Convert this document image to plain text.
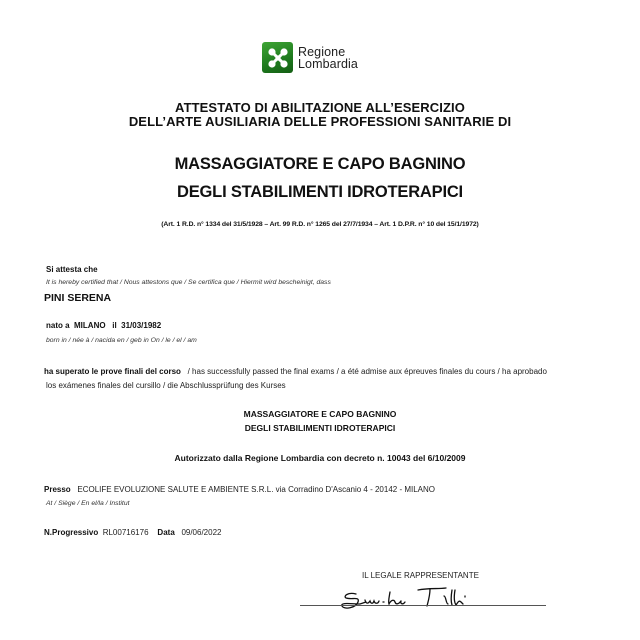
Regione
Lombardia
ATTESTATO DI ABILITAZIONE ALL’ESERCIZIO
DELL’ARTE AUSILIARIA DELLE PROFESSIONI SANITARIE DI
MASSAGGIATORE E CAPO BAGNINO
DEGLI STABILIMENTI IDROTERAPICI
(Art. 1 R.D. n° 1334 del 31/5/1928 – Art. 99 R.D. n° 1265 del 27/7/1934 – Art. 1 D.P.R. n° 10 del 15/1/1972)
Si attesta che
It is hereby certified that / Nous attestons que / Se certifica que / Hiermit wird bescheinigt, dass
PINI SERENA
nato a MILANO il 31/03/1982
born in / née à / nacida en / geb in On / le / el / am
ha superato le prove finali del corso / has successfully passed the final exams / a été admise aux épreuves finales du cours / ha aprobado
los exámenes finales del cursillo / die Abschlussprüfung des Kurses
MASSAGGIATORE E CAPO BAGNINO
DEGLI STABILIMENTI IDROTERAPICI
Autorizzato dalla Regione Lombardia con decreto n. 10043 del 6/10/2009
Presso ECOLIFE EVOLUZIONE SALUTE E AMBIENTE S.R.L. via Corradino D'Ascanio 4 - 20142 - MILANO
At / Siège / En el/la / Institut
N.Progressivo RL00716176 Data 09/06/2022
IL LEGALE RAPPRESENTANTE
